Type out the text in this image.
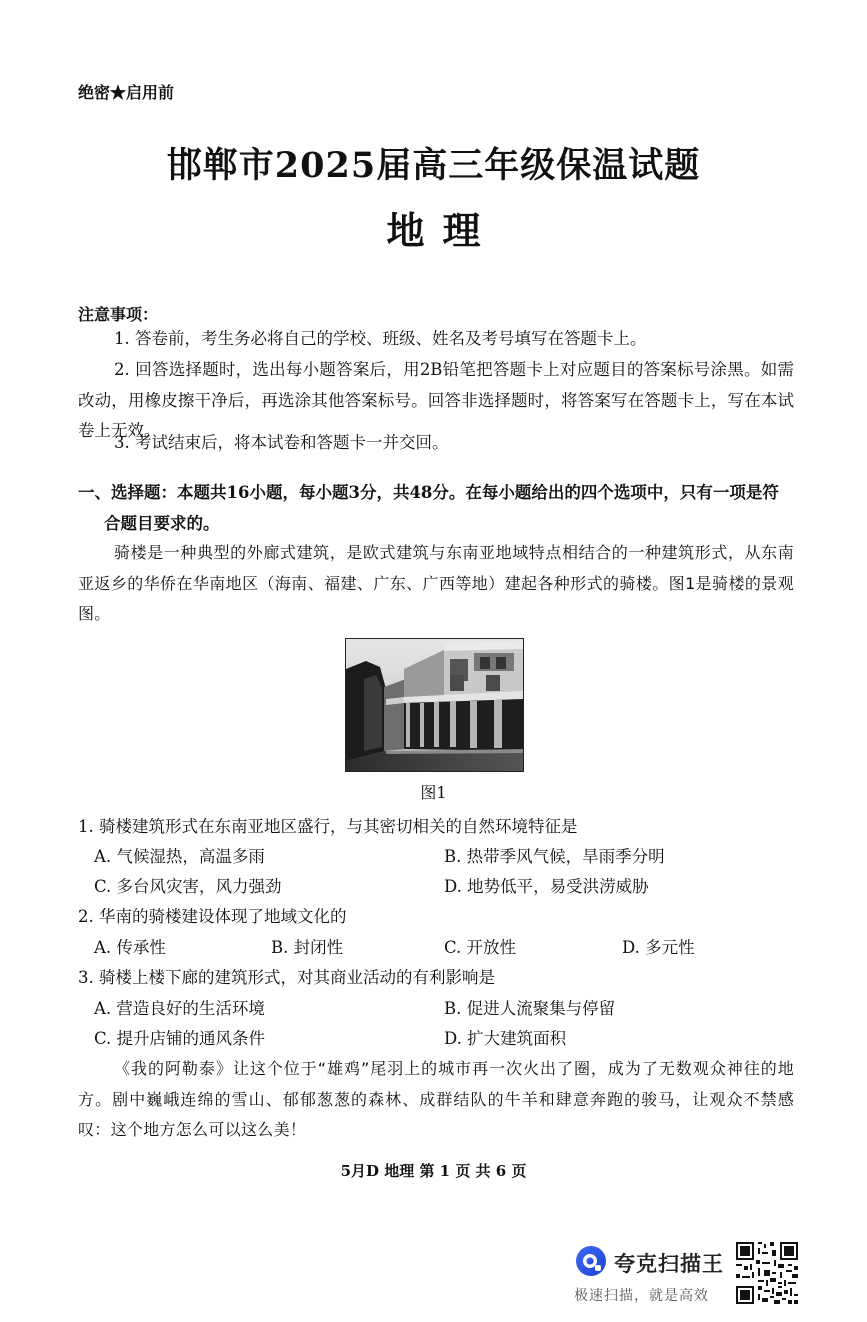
绝密★启用前
邯郸市2025届高三年级保温试题
地理
注意事项：
1. 答卷前，考生务必将自己的学校、班级、姓名及考号填写在答题卡上。
2. 回答选择题时，选出每小题答案后，用2B铅笔把答题卡上对应题目的答案标号涂黑。如需改动，用橡皮擦干净后，再选涂其他答案标号。回答非选择题时，将答案写在答题卡上，写在本试卷上无效。
3. 考试结束后，将本试卷和答题卡一并交回。
一、选择题：本题共16小题，每小题3分，共48分。在每小题给出的四个选项中，只有一项是符
合题目要求的。
骑楼是一种典型的外廊式建筑，是欧式建筑与东南亚地域特点相结合的一种建筑形式，从东南亚返乡的华侨在华南地区（海南、福建、广东、广西等地）建起各种形式的骑楼。图1是骑楼的景观图。
图1
1. 骑楼建筑形式在东南亚地区盛行，与其密切相关的自然环境特征是
A. 气候湿热，高温多雨	B. 热带季风气候，旱雨季分明
C. 多台风灾害，风力强劲	D. 地势低平，易受洪涝威胁
2. 华南的骑楼建设体现了地域文化的
A. 传承性	B. 封闭性	C. 开放性	D. 多元性
3. 骑楼上楼下廊的建筑形式，对其商业活动的有利影响是
A. 营造良好的生活环境	B. 促进人流聚集与停留
C. 提升店铺的通风条件	D. 扩大建筑面积
《我的阿勒泰》让这个位于“雄鸡”尾羽上的城市再一次火出了圈，成为了无数观众神往的地方。剧中巍峨连绵的雪山、郁郁葱葱的森林、成群结队的牛羊和肆意奔跑的骏马，让观众不禁感叹：这个地方怎么可以这么美！
5月D 地理 第 1 页 共 6 页
夸克扫描王
极速扫描，就是高效
